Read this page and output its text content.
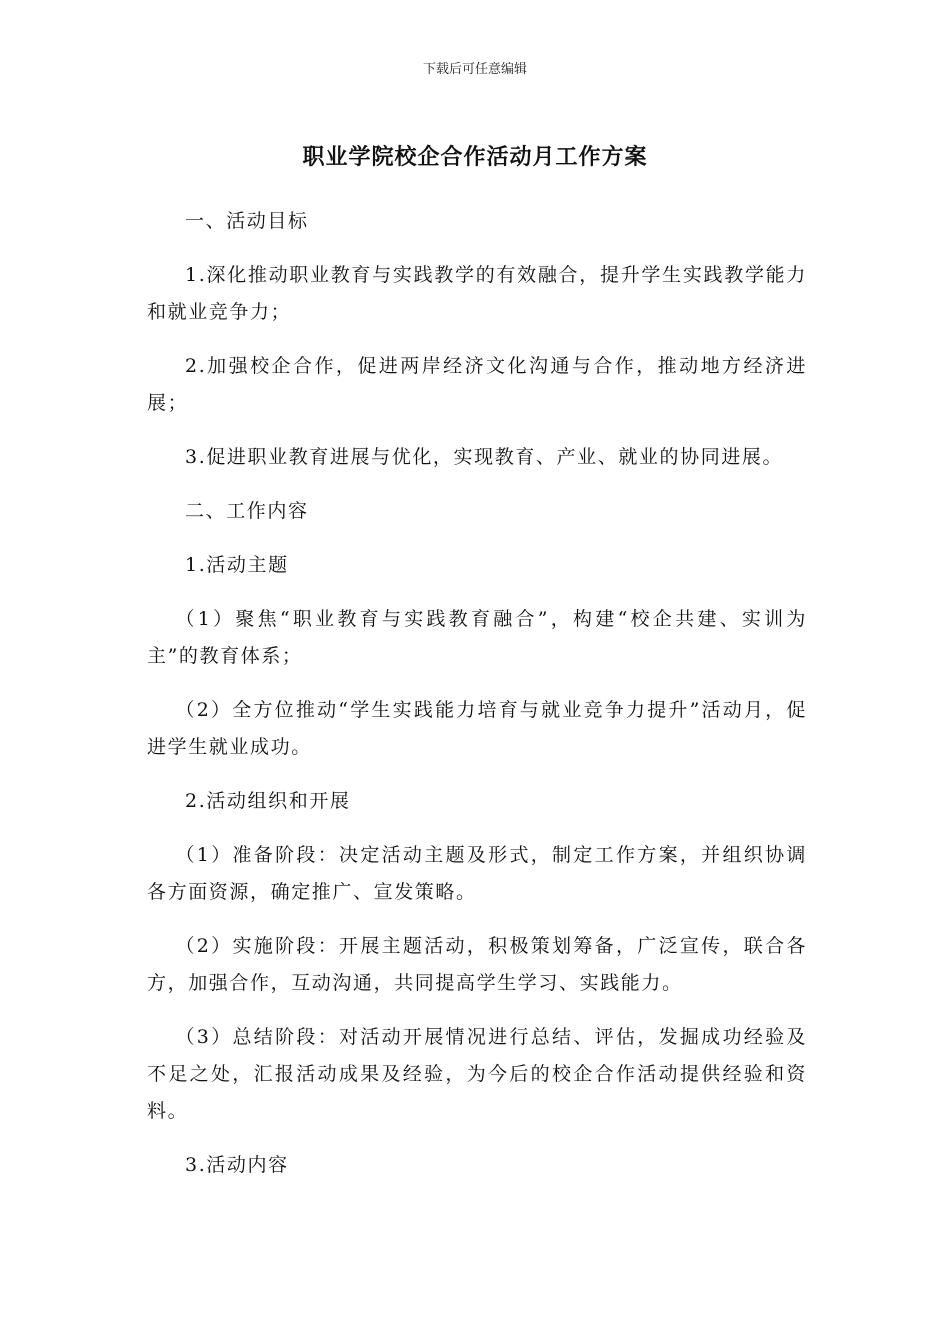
下载后可任意编辑
职业学院校企合作活动月工作方案

一、活动目标

1.深化推动职业教育与实践教学的有效融合，提升学生实践教学能力和就业竞争力；

2.加强校企合作，促进两岸经济文化沟通与合作，推动地方经济进展；

3.促进职业教育进展与优化，实现教育、产业、就业的协同进展。

二、工作内容

1.活动主题

（1）聚焦“职业教育与实践教育融合”，构建“校企共建、实训为主”的教育体系；

（2）全方位推动“学生实践能力培育与就业竞争力提升”活动月，促进学生就业成功。

2.活动组织和开展

（1）准备阶段：决定活动主题及形式，制定工作方案，并组织协调各方面资源，确定推广、宣发策略。

（2）实施阶段：开展主题活动，积极策划筹备，广泛宣传，联合各方，加强合作，互动沟通，共同提高学生学习、实践能力。

（3）总结阶段：对活动开展情况进行总结、评估，发掘成功经验及不足之处，汇报活动成果及经验，为今后的校企合作活动提供经验和资料。

3.活动内容
